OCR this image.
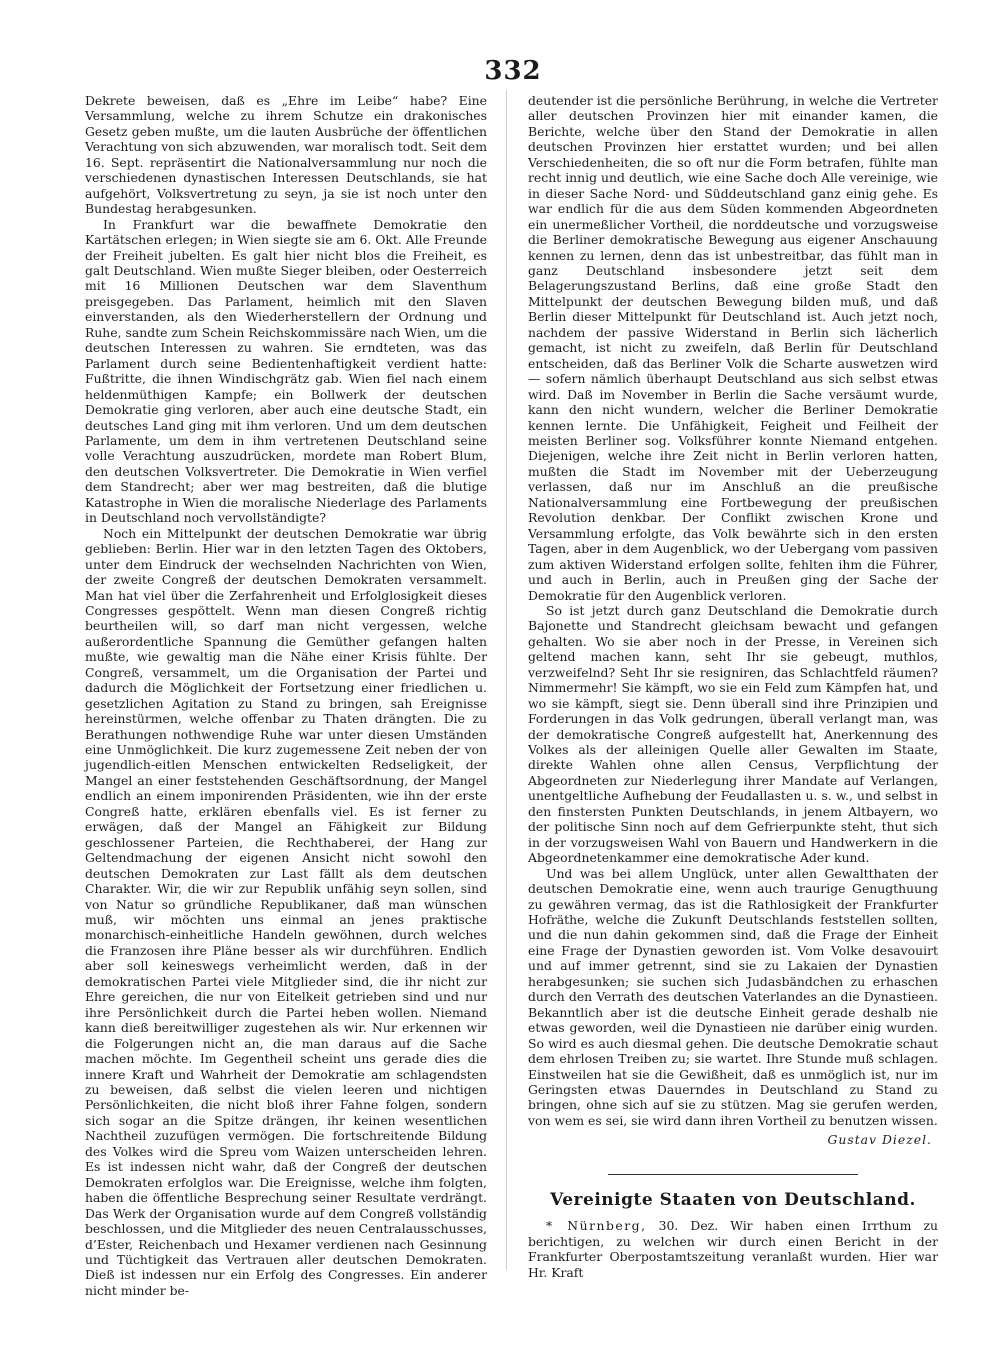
332

Dekrete beweisen, daß es „Ehre im Leibe“ habe? Eine Versammlung, welche zu ihrem Schutze ein drakonisches Gesetz geben mußte, um die lauten Ausbrüche der öffentlichen Verachtung von sich abzuwenden, war moralisch todt. Seit dem 16. Sept. repräsentirt die Nationalversammlung nur noch die verschiedenen dynastischen Interessen Deutschlands, sie hat aufgehört, Volksvertretung zu seyn, ja sie ist noch unter den Bundestag herabgesunken.

In Frankfurt war die bewaffnete Demokratie den Kartätschen erlegen; in Wien siegte sie am 6. Okt. Alle Freunde der Freiheit jubelten. Es galt hier nicht blos die Freiheit, es galt Deutschland. Wien mußte Sieger bleiben, oder Oesterreich mit 16 Millionen Deutschen war dem Slaventhum preisgegeben. Das Parlament, heimlich mit den Slaven einverstanden, als den Wiederherstellern der Ordnung und Ruhe, sandte zum Schein Reichskommissäre nach Wien, um die deutschen Interessen zu wahren. Sie erndteten, was das Parlament durch seine Bedientenhaftigkeit verdient hatte: Fußtritte, die ihnen Windischgrätz gab. Wien fiel nach einem heldenmüthigen Kampfe; ein Bollwerk der deutschen Demokratie ging verloren, aber auch eine deutsche Stadt, ein deutsches Land ging mit ihm verloren. Und um dem deutschen Parlamente, um dem in ihm vertretenen Deutschland seine volle Verachtung auszudrücken, mordete man Robert Blum, den deutschen Volksvertreter. Die Demokratie in Wien verfiel dem Standrecht; aber wer mag bestreiten, daß die blutige Katastrophe in Wien die moralische Niederlage des Parlaments in Deutschland noch vervollständigte?

Noch ein Mittelpunkt der deutschen Demokratie war übrig geblieben: Berlin. Hier war in den letzten Tagen des Oktobers, unter dem Eindruck der wechselnden Nachrichten von Wien, der zweite Congreß der deutschen Demokraten versammelt. Man hat viel über die Zerfahrenheit und Erfolglosigkeit dieses Congresses gespöttelt. Wenn man diesen Congreß richtig beurtheilen will, so darf man nicht vergessen, welche außerordentliche Spannung die Gemüther gefangen halten mußte, wie gewaltig man die Nähe einer Krisis fühlte. Der Congreß, versammelt, um die Organisation der Partei und dadurch die Möglichkeit der Fortsetzung einer friedlichen u. gesetzlichen Agitation zu Stand zu bringen, sah Ereignisse hereinstürmen, welche offenbar zu Thaten drängten. Die zu Berathungen nothwendige Ruhe war unter diesen Umständen eine Unmöglichkeit. Die kurz zugemessene Zeit neben der von jugendlich-eitlen Menschen entwickelten Redseligkeit, der Mangel an einer feststehenden Geschäftsordnung, der Mangel endlich an einem imponirenden Präsidenten, wie ihn der erste Congreß hatte, erklären ebenfalls viel. Es ist ferner zu erwägen, daß der Mangel an Fähigkeit zur Bildung geschlossener Parteien, die Rechthaberei, der Hang zur Geltendmachung der eigenen Ansicht nicht sowohl den deutschen Demokraten zur Last fällt als dem deutschen Charakter. Wir, die wir zur Republik unfähig seyn sollen, sind von Natur so gründliche Republikaner, daß man wünschen muß, wir möchten uns einmal an jenes praktische monarchisch-einheitliche Handeln gewöhnen, durch welches die Franzosen ihre Pläne besser als wir durchführen. Endlich aber soll keineswegs verheimlicht werden, daß in der demokratischen Partei viele Mitglieder sind, die ihr nicht zur Ehre gereichen, die nur von Eitelkeit getrieben sind und nur ihre Persönlichkeit durch die Partei heben wollen. Niemand kann dieß bereitwilliger zugestehen als wir. Nur erkennen wir die Folgerungen nicht an, die man daraus auf die Sache machen möchte. Im Gegentheil scheint uns gerade dies die innere Kraft und Wahrheit der Demokratie am schlagendsten zu beweisen, daß selbst die vielen leeren und nichtigen Persönlichkeiten, die nicht bloß ihrer Fahne folgen, sondern sich sogar an die Spitze drängen, ihr keinen wesentlichen Nachtheil zuzufügen vermögen. Die fortschreitende Bildung des Volkes wird die Spreu vom Waizen unterscheiden lehren. Es ist indessen nicht wahr, daß der Congreß der deutschen Demokraten erfolglos war. Die Ereignisse, welche ihm folgten, haben die öffentliche Besprechung seiner Resultate verdrängt. Das Werk der Organisation wurde auf dem Congreß vollständig beschlossen, und die Mitglieder des neuen Centralausschusses, d’Ester, Reichenbach und Hexamer verdienen nach Gesinnung und Tüchtigkeit das Vertrauen aller deutschen Demokraten. Dieß ist indessen nur ein Erfolg des Congresses. Ein anderer nicht minder be-

deutender ist die persönliche Berührung, in welche die Vertreter aller deutschen Provinzen hier mit einander kamen, die Berichte, welche über den Stand der Demokratie in allen deutschen Provinzen hier erstattet wurden; und bei allen Verschiedenheiten, die so oft nur die Form betrafen, fühlte man recht innig und deutlich, wie eine Sache doch Alle vereinige, wie in dieser Sache Nord- und Süddeutschland ganz einig gehe. Es war endlich für die aus dem Süden kommenden Abgeordneten ein unermeßlicher Vortheil, die norddeutsche und vorzugsweise die Berliner demokratische Bewegung aus eigener Anschauung kennen zu lernen, denn das ist unbestreitbar, das fühlt man in ganz Deutschland insbesondere jetzt seit dem Belagerungszustand Berlins, daß eine große Stadt den Mittelpunkt der deutschen Bewegung bilden muß, und daß Berlin dieser Mittelpunkt für Deutschland ist. Auch jetzt noch, nachdem der passive Widerstand in Berlin sich lächerlich gemacht, ist nicht zu zweifeln, daß Berlin für Deutschland entscheiden, daß das Berliner Volk die Scharte auswetzen wird — sofern nämlich überhaupt Deutschland aus sich selbst etwas wird. Daß im November in Berlin die Sache versäumt wurde, kann den nicht wundern, welcher die Berliner Demokratie kennen lernte. Die Unfähigkeit, Feigheit und Feilheit der meisten Berliner sog. Volksführer konnte Niemand entgehen. Diejenigen, welche ihre Zeit nicht in Berlin verloren hatten, mußten die Stadt im November mit der Ueberzeugung verlassen, daß nur im Anschluß an die preußische Nationalversammlung eine Fortbewegung der preußischen Revolution denkbar. Der Conflikt zwischen Krone und Versammlung erfolgte, das Volk bewährte sich in den ersten Tagen, aber in dem Augenblick, wo der Uebergang vom passiven zum aktiven Widerstand erfolgen sollte, fehlten ihm die Führer, und auch in Berlin, auch in Preußen ging der Sache der Demokratie für den Augenblick verloren.

So ist jetzt durch ganz Deutschland die Demokratie durch Bajonette und Standrecht gleichsam bewacht und gefangen gehalten. Wo sie aber noch in der Presse, in Vereinen sich geltend machen kann, seht Ihr sie gebeugt, muthlos, verzweifelnd? Seht Ihr sie resigniren, das Schlachtfeld räumen? Nimmermehr! Sie kämpft, wo sie ein Feld zum Kämpfen hat, und wo sie kämpft, siegt sie. Denn überall sind ihre Prinzipien und Forderungen in das Volk gedrungen, überall verlangt man, was der demokratische Congreß aufgestellt hat, Anerkennung des Volkes als der alleinigen Quelle aller Gewalten im Staate, direkte Wahlen ohne allen Census, Verpflichtung der Abgeordneten zur Niederlegung ihrer Mandate auf Verlangen, unentgeltliche Aufhebung der Feudallasten u. s. w., und selbst in den finstersten Punkten Deutschlands, in jenem Altbayern, wo der politische Sinn noch auf dem Gefrierpunkte steht, thut sich in der vorzugsweisen Wahl von Bauern und Handwerkern in die Abgeordnetenkammer eine demokratische Ader kund.

Und was bei allem Unglück, unter allen Gewaltthaten der deutschen Demokratie eine, wenn auch traurige Genugthuung zu gewähren vermag, das ist die Rathlosigkeit der Frankfurter Hofräthe, welche die Zukunft Deutschlands feststellen sollten, und die nun dahin gekommen sind, daß die Frage der Einheit eine Frage der Dynastien geworden ist. Vom Volke desavouirt und auf immer getrennt, sind sie zu Lakaien der Dynastien herabgesunken; sie suchen sich Judasbändchen zu erhaschen durch den Verrath des deutschen Vaterlandes an die Dynastieen. Bekanntlich aber ist die deutsche Einheit gerade deshalb nie etwas geworden, weil die Dynastieen nie darüber einig wurden. So wird es auch diesmal gehen. Die deutsche Demokratie schaut dem ehrlosen Treiben zu; sie wartet. Ihre Stunde muß schlagen. Einstweilen hat sie die Gewißheit, daß es unmöglich ist, nur im Geringsten etwas Dauerndes in Deutschland zu Stand zu bringen, ohne sich auf sie zu stützen. Mag sie gerufen werden, von wem es sei, sie wird dann ihren Vortheil zu benutzen wissen.

Gustav Diezel.
Vereinigte Staaten von Deutschland.

* Nürnberg, 30. Dez. Wir haben einen Irrthum zu berichtigen, zu welchen wir durch einen Bericht in der Frankfurter Oberpostamtszeitung veranlaßt wurden. Hier war Hr. Kraft
